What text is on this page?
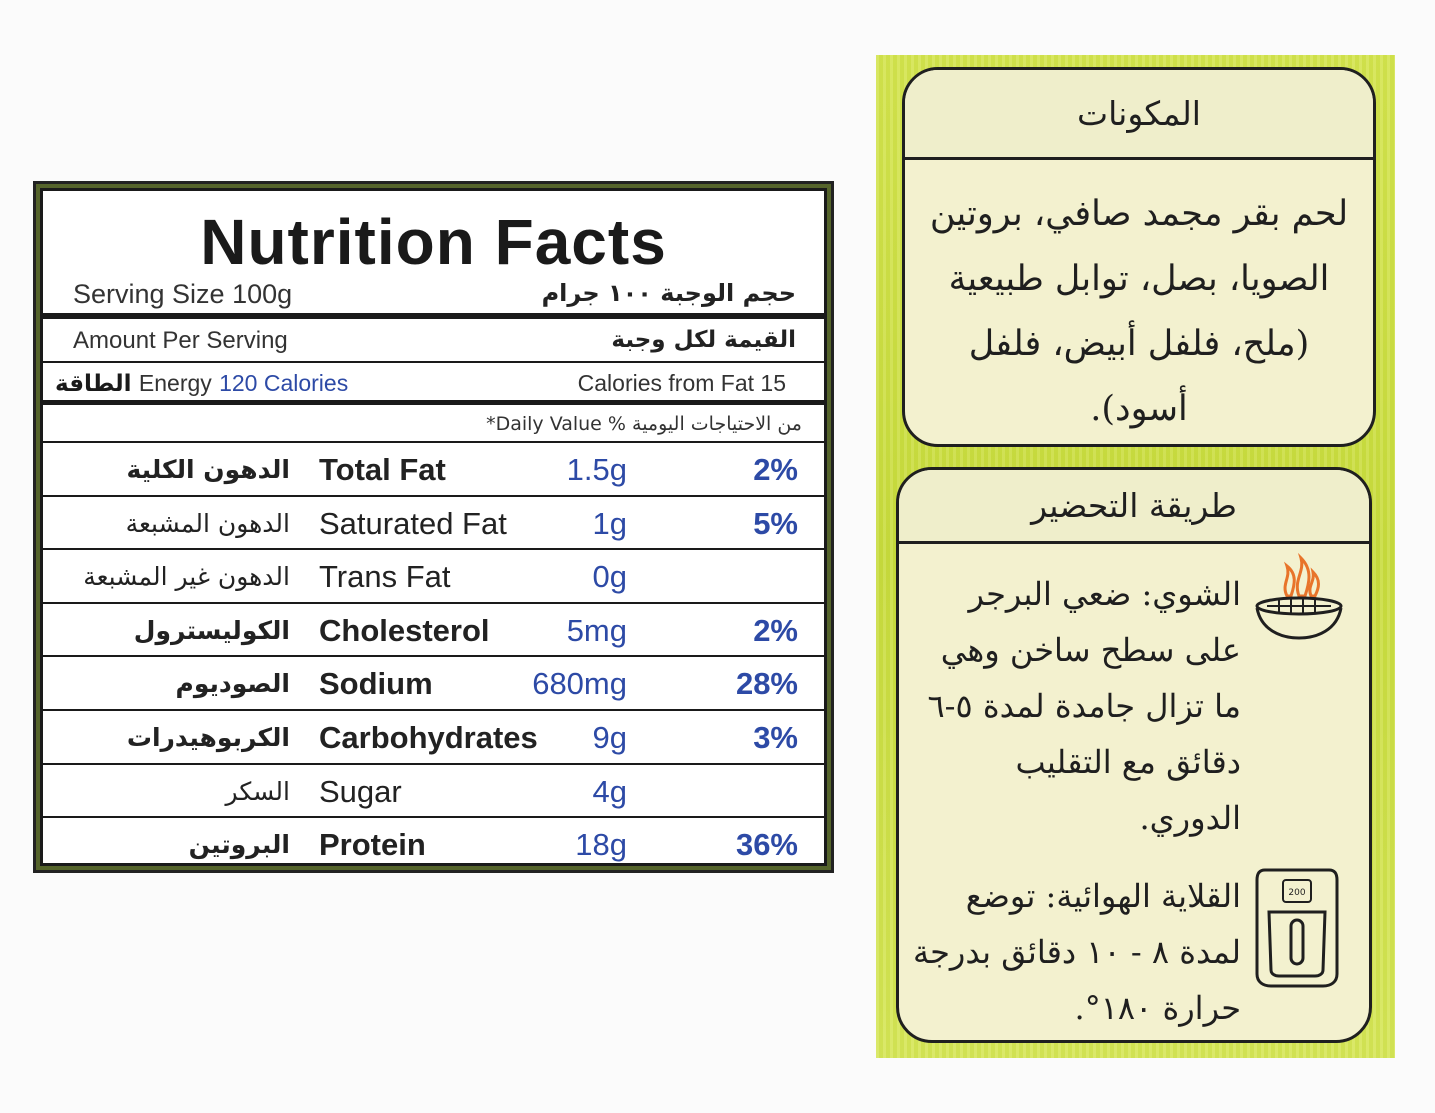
Nutrition Facts
Serving Size 100g	حجم الوجبة ١٠٠ جرام
Amount Per Serving	القيمة لكل وجبة
الطاقة Energy 120 Calories	Calories from Fat 15
*Daily Value % من الاحتياجات اليومية
الدهون الكلية Total Fat	1.5g	2%
الدهون المشبعة Saturated Fat	1g	5%
الدهون غير المشبعة Trans Fat	0g
الكوليسترول Cholesterol 5mg	2%
الصوديوم Sodium	680mg	28%
الكربوهيدرات Carbohydrates 9g	3%
السكر Sugar	4g
البروتين Protein	18g	36%
المكونات
لحم بقر مجمد صافي، بروتين
الصويا، بصل، توابل طبيعية
(ملح، فلفل أبيض، فلفل
أسود).
طريقة التحضير
الشوي: ضعي البرجر
على سطح ساخن وهي
ما تزال جامدة لمدة ٥-٦
دقائق مع التقليب
الدوري.
القلاية الهوائية: توضع
لمدة ٨ - ١٠ دقائق بدرجة
حرارة ١٨٠°.
200
